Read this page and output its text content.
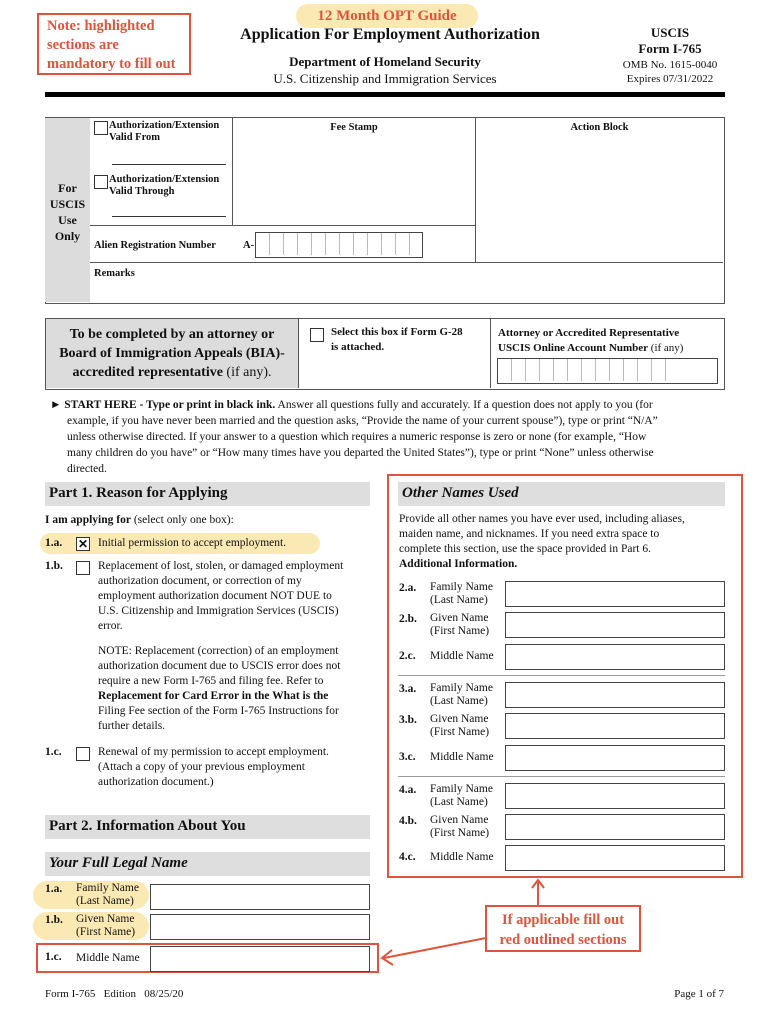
Note: highlighted sections are mandatory to fill out
12 Month OPT Guide
Application For Employment Authorization
Department of Homeland Security
U.S. Citizenship and Immigration Services
USCIS
Form I-765
OMB No. 1615-0040
Expires 07/31/2022
For
USCIS
Use
Only
Authorization/Extension Valid From
Authorization/Extension Valid Through
Fee Stamp	Action Block
Alien Registration Number	A-
Remarks
To be completed by an attorney or
Board of Immigration Appeals (BIA)-
accredited representative (if any).
Select this box if Form G-28
is attached.
Attorney or Accredited Representative
USCIS Online Account Number (if any)
► START HERE - Type or print in black ink. Answer all questions fully and accurately. If a question does not apply to you (for
example, if you have never been married and the question asks, “Provide the name of your current spouse”), type or print “N/A”
unless otherwise directed. If your answer to a question which requires a numeric response is zero or none (for example, “How
many children do you have” or “How many times have you departed the United States”), type or print “None” unless otherwise
directed.
Part 1. Reason for Applying
I am applying for (select only one box):
1.a. ✕ Initial permission to accept employment.
1.b.	Replacement of lost, stolen, or damaged employment
authorization document, or correction of my
employment authorization document NOT DUE to
U.S. Citizenship and Immigration Services (USCIS)
error.
NOTE: Replacement (correction) of an employment
authorization document due to USCIS error does not
require a new Form I-765 and filing fee. Refer to
Replacement for Card Error in the What is the
Filing Fee section of the Form I-765 Instructions for
further details.
1.c.	Renewal of my permission to accept employment.
(Attach a copy of your previous employment
authorization document.)
Part 2. Information About You
Your Full Legal Name
1.a. Family Name
(Last Name)
1.b. Given Name
(First Name)
1.c. Middle Name
Other Names Used
Provide all other names you have ever used, including aliases,
maiden name, and nicknames. If you need extra space to
complete this section, use the space provided in Part 6.
Additional Information.
2.a. Family Name
(Last Name)
2.b. Given Name
(First Name)
2.c. Middle Name
3.a. Family Name
(Last Name)
3.b. Given Name
(First Name)
3.c. Middle Name
4.a. Family Name
(Last Name)
4.b. Given Name
(First Name)
4.c. Middle Name
If applicable fill out
red outlined sections
Form I-765   Edition   08/25/20	Page 1 of 7
